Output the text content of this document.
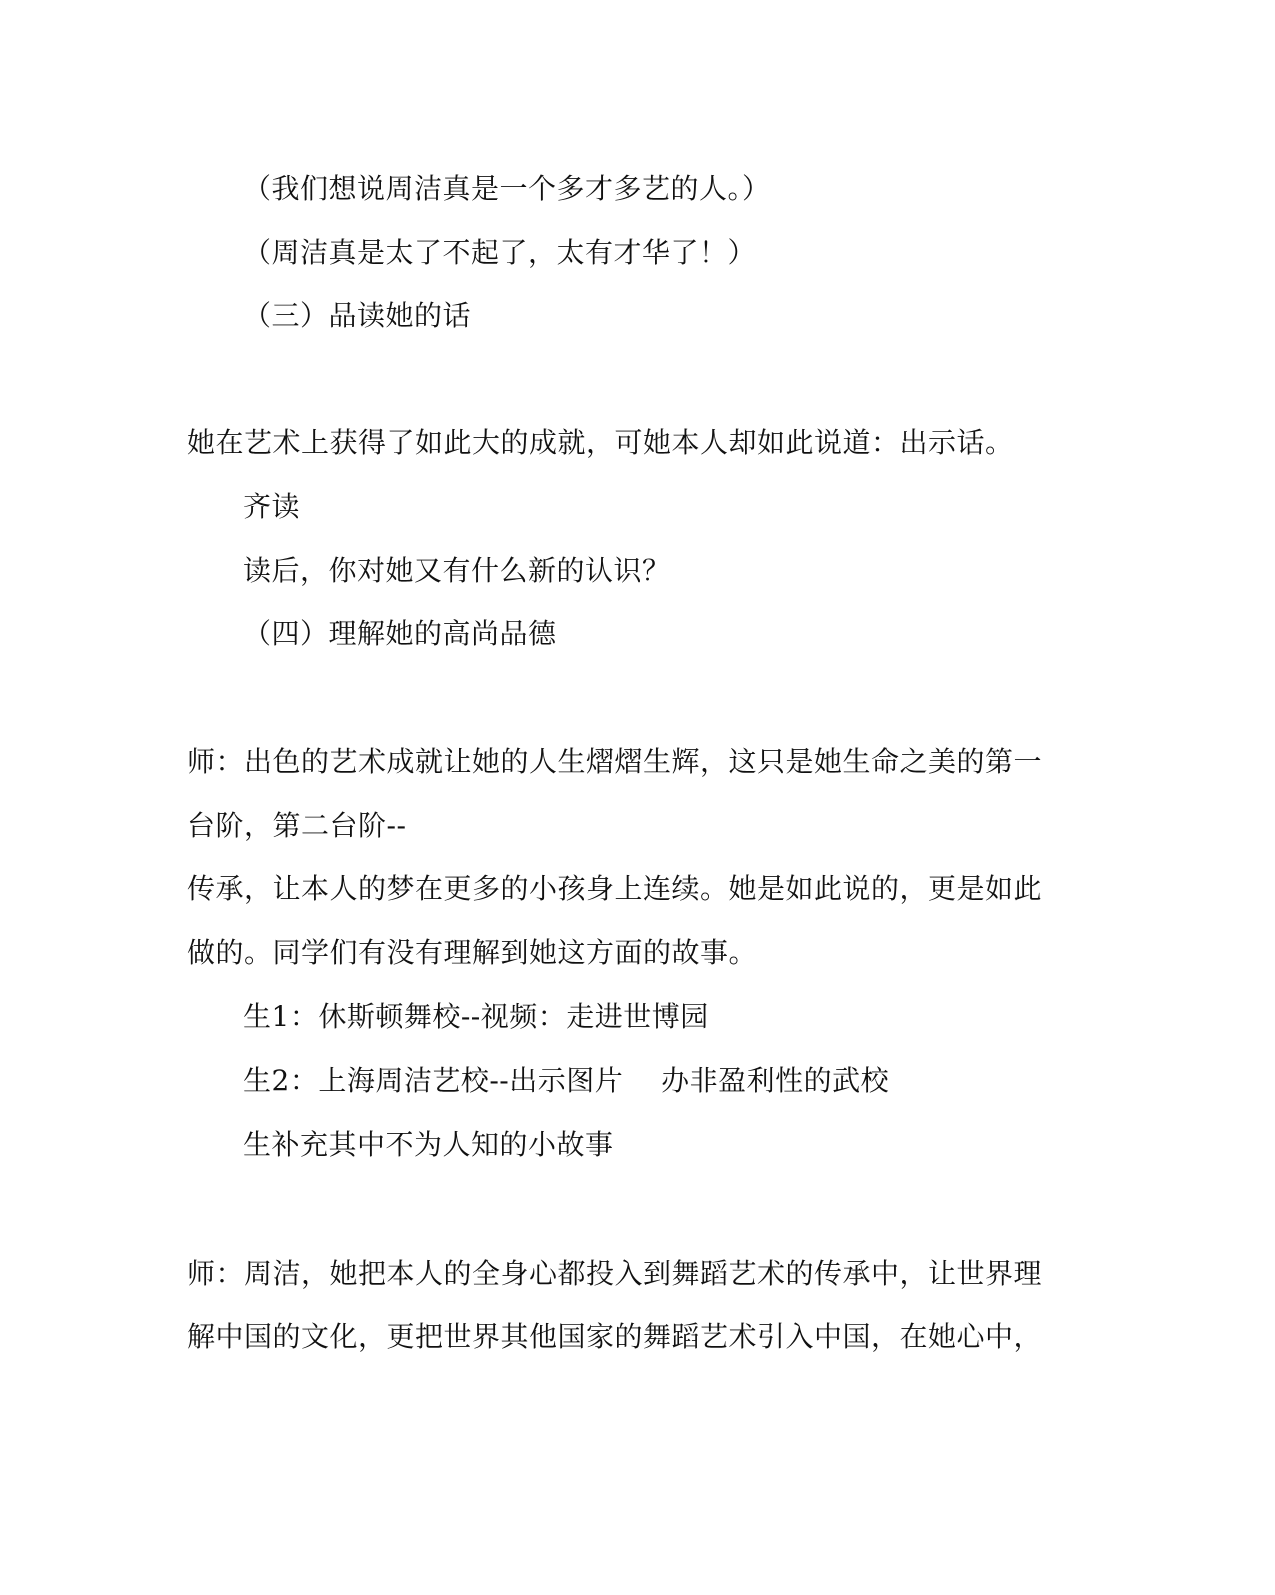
（我们想说周洁真是一个多才多艺的人。）
（周洁真是太了不起了，太有才华了！）
（三）品读她的话
她在艺术上获得了如此大的成就，可她本人却如此说道：出示话。
齐读
读后，你对她又有什么新的认识？
（四）理解她的高尚品德
师：出色的艺术成就让她的人生熠熠生辉，这只是她生命之美的第一
台阶，第二台阶--
传承，让本人的梦在更多的小孩身上连续。她是如此说的，更是如此
做的。同学们有没有理解到她这方面的故事。
生1：休斯顿舞校--视频：走进世博园
生2：上海周洁艺校--出示图片　 办非盈利性的武校
生补充其中不为人知的小故事
师：周洁，她把本人的全身心都投入到舞蹈艺术的传承中，让世界理
解中国的文化，更把世界其他国家的舞蹈艺术引入中国，在她心中，
